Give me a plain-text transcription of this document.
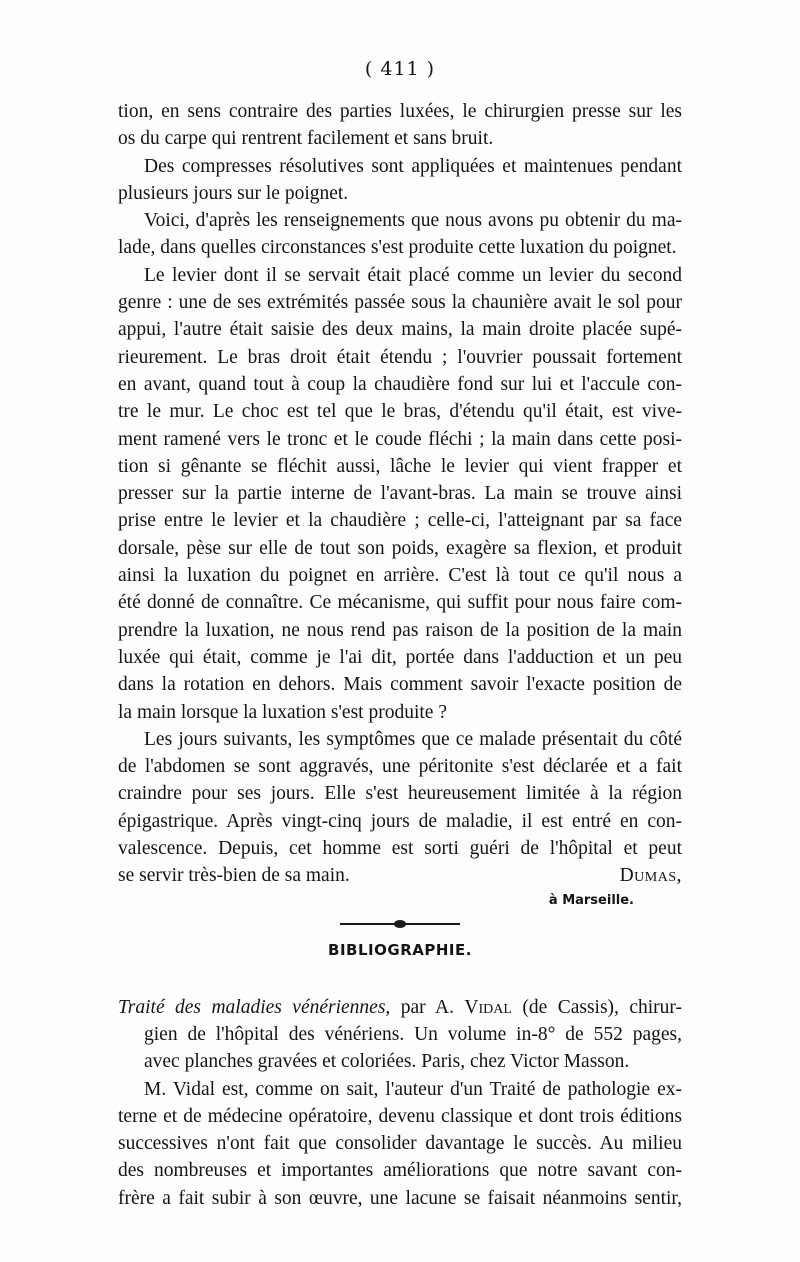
( 411 )
tion, en sens contraire des parties luxées, le chirurgien presse sur les
os du carpe qui rentrent facilement et sans bruit.
Des compresses résolutives sont appliquées et maintenues pendant
plusieurs jours sur le poignet.
Voici, d'après les renseignements que nous avons pu obtenir du ma-
lade, dans quelles circonstances s'est produite cette luxation du poignet.
Le levier dont il se servait était placé comme un levier du second
genre : une de ses extrémités passée sous la chaunière avait le sol pour
appui, l'autre était saisie des deux mains, la main droite placée supé-
rieurement. Le bras droit était étendu ; l'ouvrier poussait fortement
en avant, quand tout à coup la chaudière fond sur lui et l'accule con-
tre le mur. Le choc est tel que le bras, d'étendu qu'il était, est vive-
ment ramené vers le tronc et le coude fléchi ; la main dans cette posi-
tion si gênante se fléchit aussi, lâche le levier qui vient frapper et
presser sur la partie interne de l'avant-bras. La main se trouve ainsi
prise entre le levier et la chaudière ; celle-ci, l'atteignant par sa face
dorsale, pèse sur elle de tout son poids, exagère sa flexion, et produit
ainsi la luxation du poignet en arrière. C'est là tout ce qu'il nous a
été donné de connaître. Ce mécanisme, qui suffit pour nous faire com-
prendre la luxation, ne nous rend pas raison de la position de la main
luxée qui était, comme je l'ai dit, portée dans l'adduction et un peu
dans la rotation en dehors. Mais comment savoir l'exacte position de
la main lorsque la luxation s'est produite ?
Les jours suivants, les symptômes que ce malade présentait du côté
de l'abdomen se sont aggravés, une péritonite s'est déclarée et a fait
craindre pour ses jours. Elle s'est heureusement limitée à la région
épigastrique. Après vingt-cinq jours de maladie, il est entré en con-
valescence. Depuis, cet homme est sorti guéri de l'hôpital et peut
se servir très-bien de sa main.	Dumas,
à Marseille.
BIBLIOGRAPHIE.
Traité des maladies vénériennes, par A. Vidal (de Cassis), chirur-
gien de l'hôpital des vénériens. Un volume in-8° de 552 pages,
avec planches gravées et coloriées. Paris, chez Victor Masson.
M. Vidal est, comme on sait, l'auteur d'un Traité de pathologie ex-
terne et de médecine opératoire, devenu classique et dont trois éditions
successives n'ont fait que consolider davantage le succès. Au milieu
des nombreuses et importantes améliorations que notre savant con-
frère a fait subir à son œuvre, une lacune se faisait néanmoins sentir,
